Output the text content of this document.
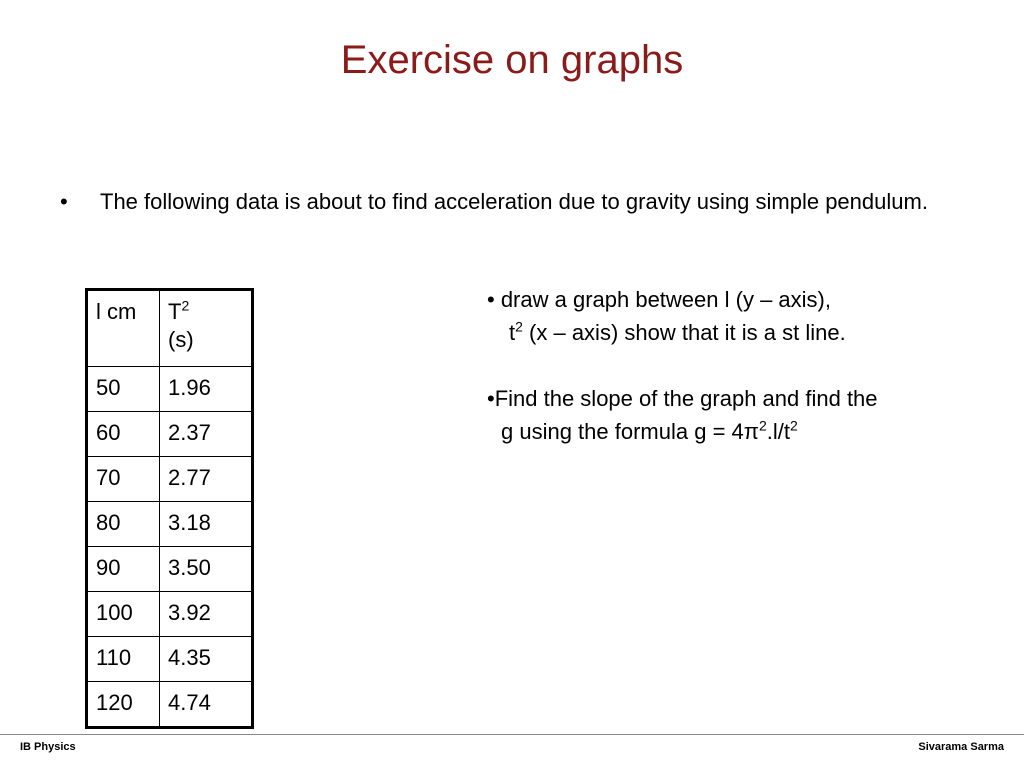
Exercise on graphs
• The following data is about to find acceleration due to gravity using simple pendulum.
l cm	$T^2$
(s)
50	1.96
60	2.37
70	2.77
80	3.18
90	3.50
100	3.92
110	4.35
120	4.74
• draw a graph between l (y – axis),
$t^2$ (x – axis) show that it is a st line.
•Find the slope of the graph and find the
g using the formula $g = 4\pi^2.l/t^2$
IB Physics	Sivarama Sarma
